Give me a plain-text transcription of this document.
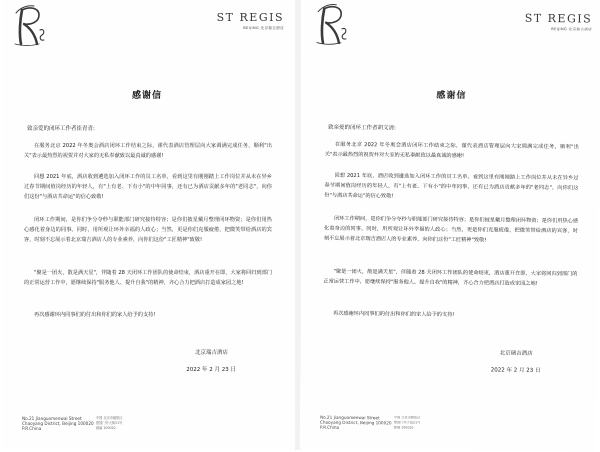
ST REGIS
BEIJING 北京瑞吉酒店
感谢信
致亲爱的闭环工作者崔青青:

在服务北京 2022 年冬奥会酒店闭环工作结束之际，谨代表酒店管理层向大家调满完成任务，顺利"出关"表示最热烈的祝贺并对大家的无私奉献致以最真诚的感谢!

回想 2021 年底，酒店收到遴选加入闭环工作的员工名单，看到这里有刚刚踏上工作岗位并从未在异乡过春节期间值岗经历的年轻人，有"上有老、下有小"的中年同事，还有已为酒店贡献多年的"老同志"，向你们这份"与酒店共命运"的信心致敬!

闭环工作期间，是你们争分夺秒与职能部门研究接待特容；是你们披星戴月整理闭环物资；是你们用热心感化着身边的同事。同时，用所观让环外幸福的人政心；当然，更是你们克服疲倦，把微笑带给酒店的宾客，时刻不忘展示着北京瑞吉酒店人的专业素养，向你们这份"工匠精神"致敬!

"聚是一团火，散是满天星"，伴随着 28 天闭环工作团队的使命结束，酒店重开在即，大家将回归到部门的正常运营工作中，愿继续保持"服务他人、提升自我"的精神，齐心合力把酒店打造成家园之地!

再次感谢环内同事们的付出和你们的家人给予的支持!

北京瑞吉酒店
2022 年 2 月 23 日
No.21 Jianguomenwai Street
Chaoyang District, Beijing 100020
P.R.China
中国 北京市朝阳区
建国门外大街21号
邮编 100020
ST REGIS
BEIJING 北京瑞吉酒店
感谢信
致亲爱的闭环工作者胡文清:

在服务北京 2022 年冬奥会酒店闭环工作结束之际，谨代表酒店管理层向大家调满完成任务，顺利"出关"表示最热烈的祝贺并对大家的无私奉献致以最真诚的感谢!

回想 2021 年底，酒店收到遴选加入闭环工作的员工名单，看到这里有刚刚踏上工作岗位并从未在异乡过春节期间值岗经历的年轻人，有"上有老、下有小"的中年同事，还有已为酒店贡献多年的"老同志"，向你们这份"与酒店共命运"的信心致敬!

闭环工作期间，是你们争分夺秒与职能部门研究接待特容；是你们披星戴月整理闭环物资；是你们用热心感化着身边的同事。同时，用所观让环外幸福的人政心；当然，更是你们克服疲倦，把微笑带给酒店的宾客，时刻不忘展示着北京瑞吉酒店人的专业素养，向你们这份"工匠精神"致敬!

"聚是一团火，散是满天星"，伴随着 28 天闭环工作团队的使命结束，酒店重开在即，大家将回归到部门的正常运营工作中，愿继续保持"服务他人、提升自我"的精神，齐心合力把酒店打造成家园之地!

再次感谢环内同事们的付出和你们的家人给予的支持!

北京瑞吉酒店
2022 年 2 月 23 日
No.21 Jianguomenwai Street
Chaoyang District, Beijing 100020
P.R.China
中国 北京市朝阳区
建国门外大街21号
邮编 100020
